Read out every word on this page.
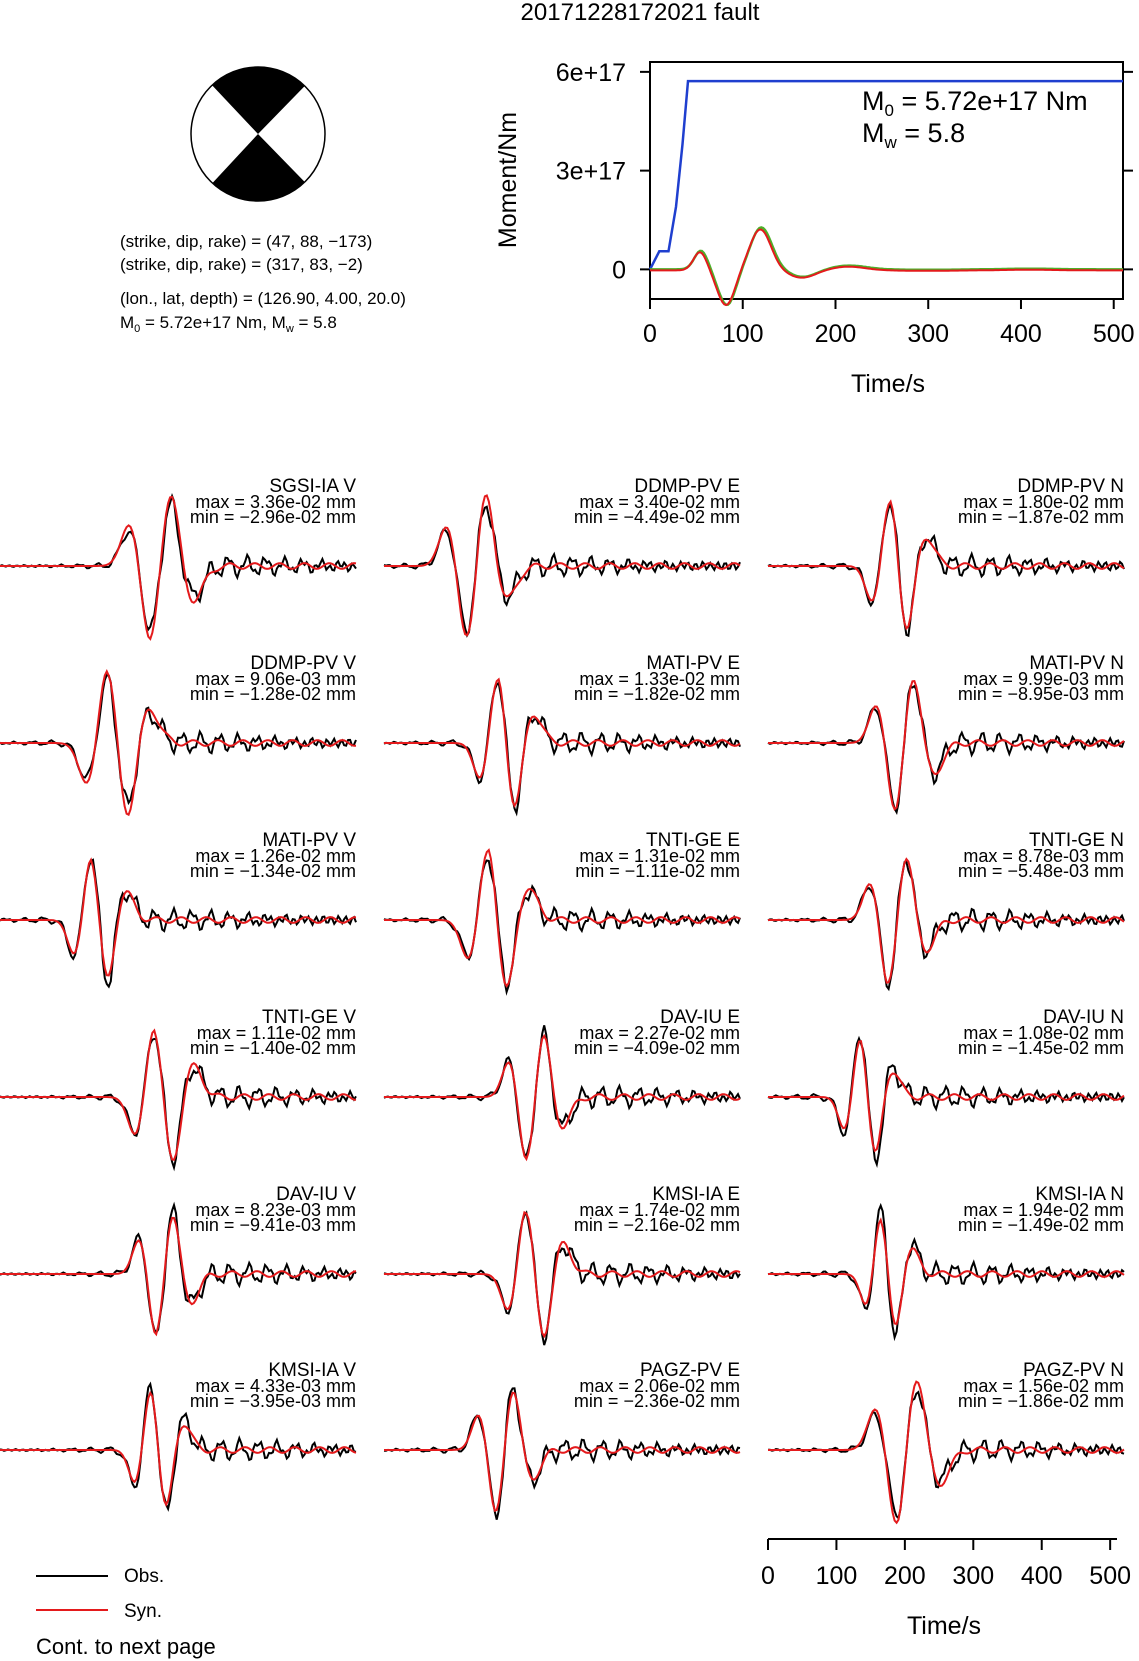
20171228172021 fault
(strike, dip, rake) = (47, 88, −173)
(strike, dip, rake) = (317, 83, −2)
(lon., lat, depth) = (126.90, 4.00, 20.0)
$M_0 = 5.72e+17$ Nm, $M_w = 5.8$
0
3e+17
6e+17
0	100 200 300 400 500
Moment/Nm
Time/s
$M_0 = 5.72e+17$ Nm
$M_w = 5.8$
SGSI-IA V
max = 3.36e-02 mm
min = −2.96e-02 mm
DDMP-PV E
max = 3.40e-02 mm
min = −4.49e-02 mm
DDMP-PV N
max = 1.80e-02 mm
min = −1.87e-02 mm
DDMP-PV V
max = 9.06e-03 mm
min = −1.28e-02 mm
MATI-PV E
max = 1.33e-02 mm
min = −1.82e-02 mm
MATI-PV N
max = 9.99e-03 mm
min = −8.95e-03 mm
MATI-PV V
max = 1.26e-02 mm
min = −1.34e-02 mm
TNTI-GE E
max = 1.31e-02 mm
min = −1.11e-02 mm
TNTI-GE N
max = 8.78e-03 mm
min = −5.48e-03 mm
TNTI-GE V
max = 1.11e-02 mm
min = −1.40e-02 mm
DAV-IU E
max = 2.27e-02 mm
min = −4.09e-02 mm
DAV-IU N
max = 1.08e-02 mm
min = −1.45e-02 mm
DAV-IU V
max = 8.23e-03 mm
min = −9.41e-03 mm
KMSI-IA E
max = 1.74e-02 mm
min = −2.16e-02 mm
KMSI-IA N
max = 1.94e-02 mm
min = −1.49e-02 mm
KMSI-IA V
max = 4.33e-03 mm
min = −3.95e-03 mm
PAGZ-PV E
max = 2.06e-02 mm
min = −2.36e-02 mm
PAGZ-PV N
max = 1.56e-02 mm
min = −1.86e-02 mm
0 100 200 300 400 500
Time/s
Obs.
Syn.
Cont. to next page
